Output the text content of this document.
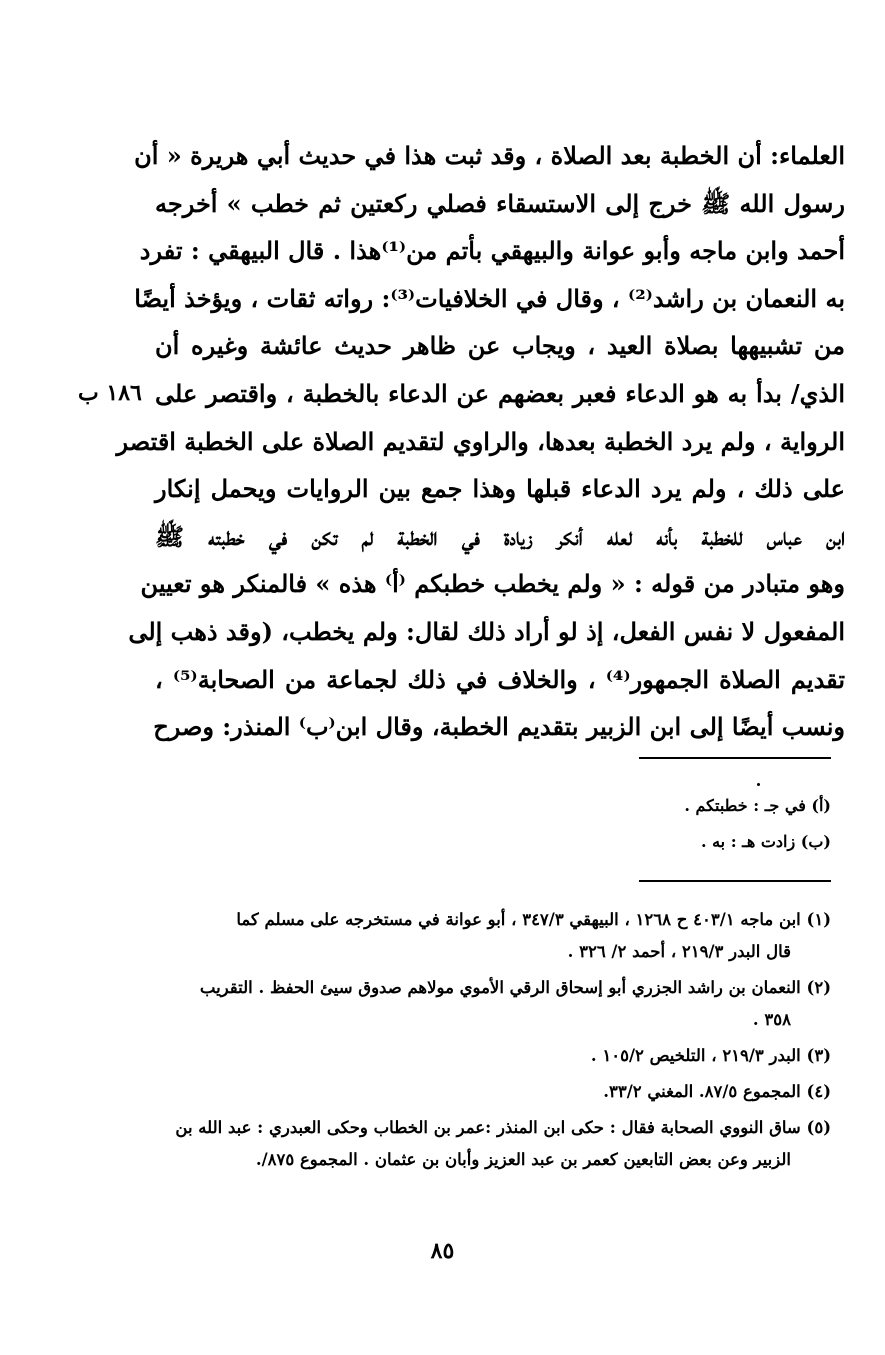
العلماء: أن الخطبة بعد الصلاة ، وقد ثبت هذا في حديث أبي هريرة « أن
رسول الله ﷺ خرج إلى الاستسقاء فصلي ركعتين ثم خطب » أخرجه
أحمد وابن ماجه وأبو عوانة والبيهقي بأتم من⁽¹⁾هذا . قال البيهقي : تفرد
به النعمان بن راشد⁽²⁾ ، وقال في الخلافيات⁽³⁾: رواته ثقات ، ويؤخذ أيضًا
من تشبيهها بصلاة العيد ، ويجاب عن ظاهر حديث عائشة وغيره أن
الذي/ بدأ به هو الدعاء فعبر بعضهم عن الدعاء بالخطبة ، واقتصر على
الرواية ، ولم يرد الخطبة بعدها، والراوي لتقديم الصلاة على الخطبة اقتصر
على ذلك ، ولم يرد الدعاء قبلها وهذا جمع بين الروايات ويحمل إنكار
ابن عباس للخطبة بأنه لعله أنكر زيادة في الخطبة لم تكن في خطبته ﷺ
وهو متبادر من قوله : « ولم يخطب خطبكم ⁽أ⁾ هذه » فالمنكر هو تعيين
المفعول لا نفس الفعل، إذ لو أراد ذلك لقال: ولم يخطب، (وقد ذهب إلى
تقديم الصلاة الجمهور⁽⁴⁾ ، والخلاف في ذلك لجماعة من الصحابة⁽⁵⁾ ،
ونسب أيضًا إلى ابن الزبير بتقديم الخطبة، وقال ابن⁽ب⁾ المنذر: وصرح
١٨٦ ب
(أ) في جـ : خطبتكم .
(ب) زادت هـ : به .
(١) ابن ماجه ٤٠٣/١ ح ١٢٦٨ ، البيهقي ٣٤٧/٣ ، أبو عوانة في مستخرجه على مسلم كما
قال البدر ٢١٩/٣ ، أحمد ٢/ ٣٢٦ .
(٢) النعمان بن راشد الجزري أبو إسحاق الرقي الأموي مولاهم صدوق سيئ الحفظ . التقريب
٣٥٨ .
(٣) البدر ٢١٩/٣ ، التلخيص ١٠٥/٢ .
(٤) المجموع ٨٧/٥. المغني ٣٣/٢.
(٥) ساق النووي الصحابة فقال : حكى ابن المنذر :عمر بن الخطاب وحكى العبدري : عبد الله بن
الزبير وعن بعض التابعين كعمر بن عبد العزيز وأبان بن عثمان . المجموع ٨٧٥/.
٨٥
